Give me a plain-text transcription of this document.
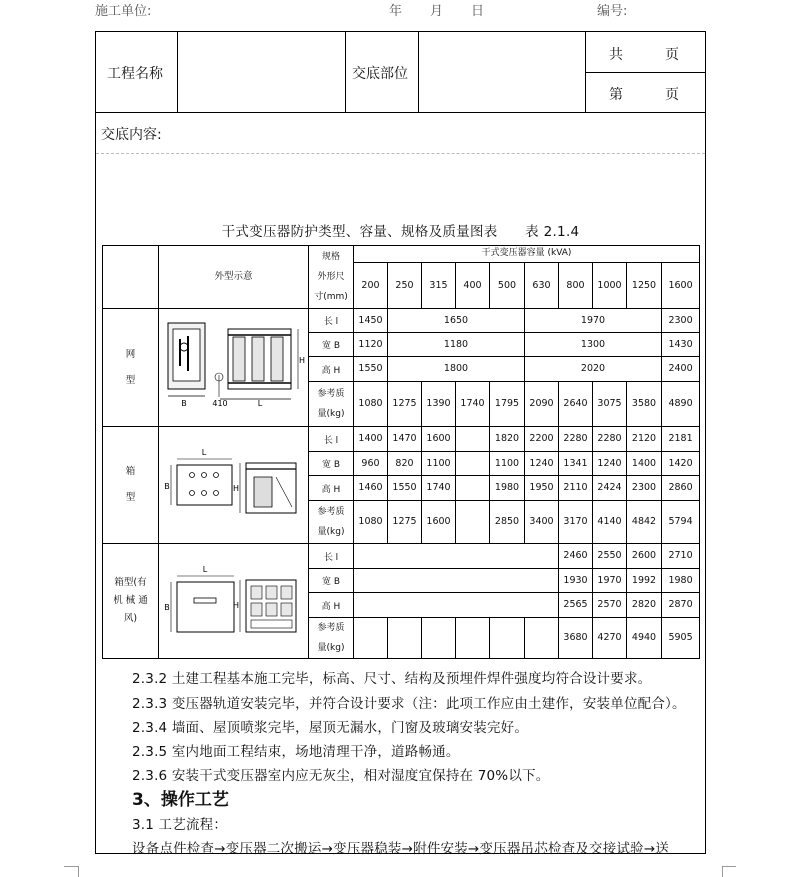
施工单位:	年 月 日	编号:
工程名称	交底部位
共	页
第	页
交底内容:
干式变压器防护类型、容量、规格及质量图表　　表 2.1.4
	外型示意	规格
外形尺
寸(mm)	干式变压器容量 (kVA)									
			200	250	315	400	500	630	800	1000	1250	1600

网
型		长 l	1450	1650				1970				2300

		宽 B	1120	1180				1300				1430

		高 H	1550	1800				2020				2400

		参考质
量(kg)	1080	1275	1390	1740	1795	2090	2640	3075	3580	4890

箱
型		长 l	1400	1470	1600		1820	2200	2280	2280	2120	2181

		宽 B	960	820	1100		1100	1240	1341	1240	1400	1420

		高 H	1460	1550	1740		1980	1950	2110	2424	2300	2860

		参考质
量(kg)	1080	1275	1600		2850	3400	3170	4140	4842	5794

箱型(有
机 械 通
风)		长 l							2460	2550	2600	2710

		宽 B							1930	1970	1992	1980

		高 H							2565	2570	2820	2870

		参考质
量(kg)							3680	4270	4940	5905
B	410	L
H
L
B	H
L
B	H
2.3.2 土建工程基本施工完毕，标高、尺寸、结构及预埋件焊件强度均符合设计要求。
2.3.3 变压器轨道安装完毕，并符合设计要求（注：此项工作应由土建作，安装单位配合）。
2.3.4 墙面、屋顶喷浆完毕，屋顶无漏水，门窗及玻璃安装完好。
2.3.5 室内地面工程结束，场地清理干净，道路畅通。
2.3.6 安装干式变压器室内应无灰尘，相对湿度宜保持在 70%以下。
3、操作工艺
3.1 工艺流程：
设备点件检查→变压器二次搬运→变压器稳装→附件安装→变压器吊芯检查及交接试验→送
